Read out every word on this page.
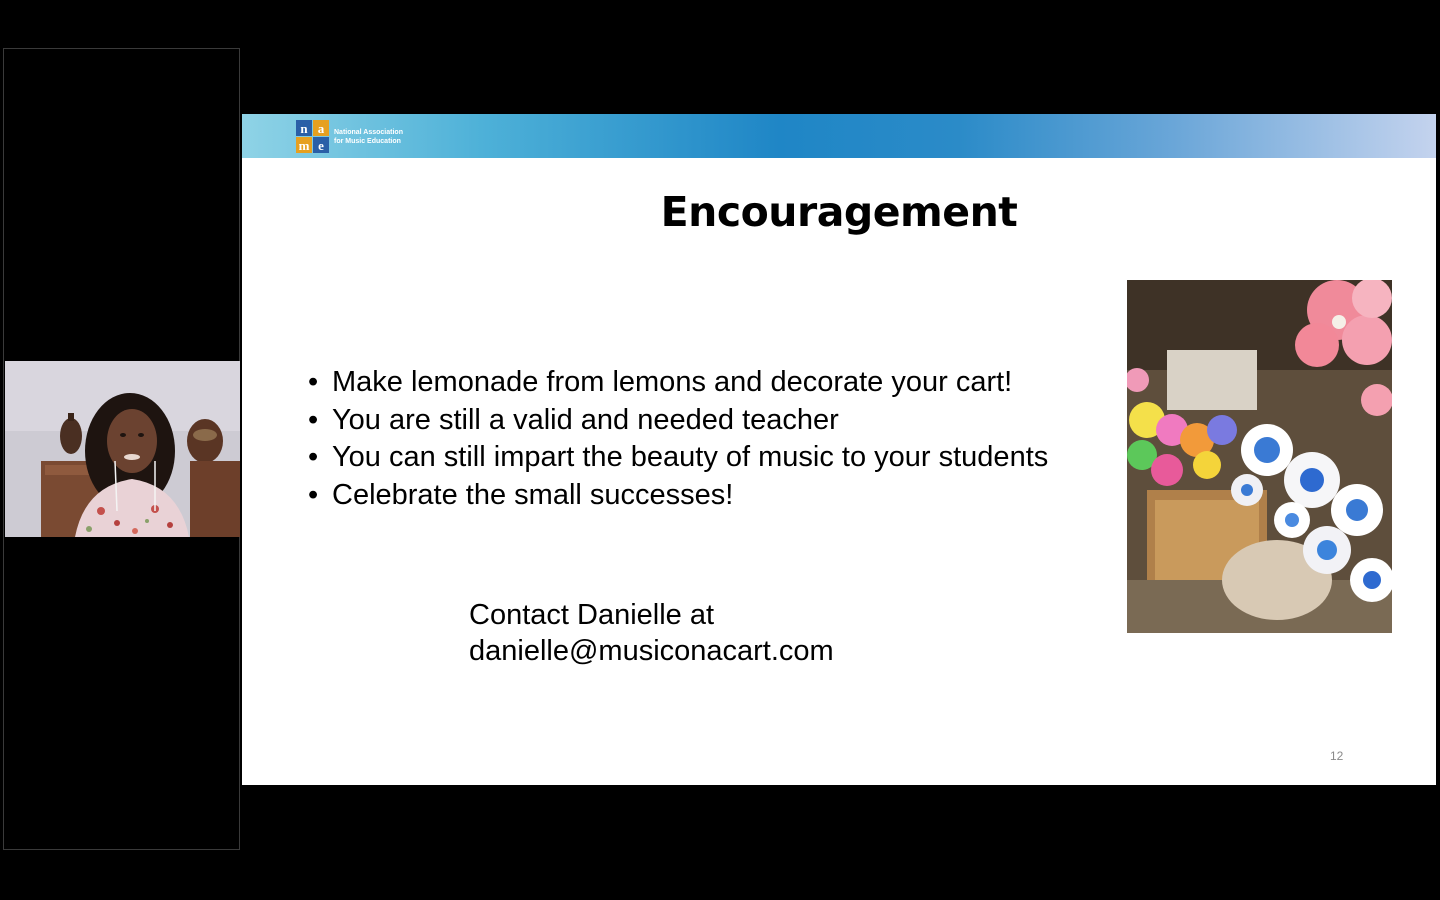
n a
m e
National Association
for Music Education
Encouragement
• Make lemonade from lemons and decorate your cart!
• You are still a valid and needed teacher
• You can still impart the beauty of music to your students
• Celebrate the small successes!
Contact Danielle at
danielle@musiconacart.com
12
